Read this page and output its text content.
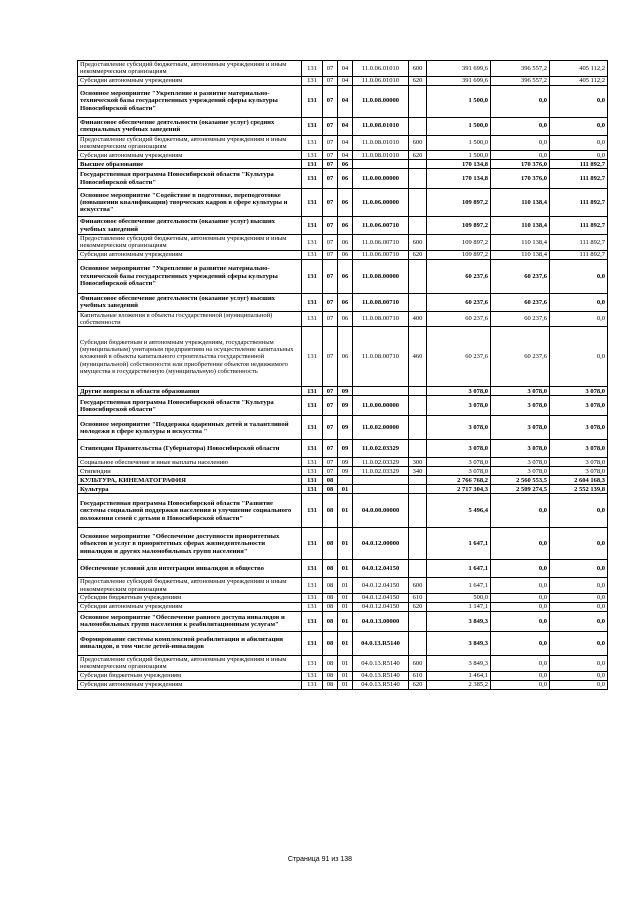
Предоставление субсидий бюджетным, автономным учреждениям и иным некоммерческим организациям	131	07	04	11.0.06.01010	600	391 699,6	396 557,2	405 112,2
Субсидии автономным учреждениям	131	07	04	11.0.06.01010	620	391 699,6	396 557,2	405 112,2
Основное мероприятие "Укрепление и развитие материально-технической базы государственных учреждений сферы культуры Новосибирской области"	131	07	04	11.0.08.00000		1 500,0	0,0	0,0
Финансовое обеспечение деятельности (оказание услуг) средних специальных учебных заведений	131	07	04	11.0.08.01010		1 500,0	0,0	0,0
Предоставление субсидий бюджетным, автономным учреждениям и иным некоммерческим организациям	131	07	04	11.0.08.01010	600	1 500,0	0,0	0,0
Субсидии автономным учреждениям	131	07	04	11.0.08.01010	620	1 500,0	0,0	0,0
Высшее образование	131	07	06			170 134,8	170 376,0	111 892,7
Государственная программа Новосибирской области "Культура Новосибирской области"	131	07	06	11.0.00.00000		170 134,8	170 376,0	111 892,7
Основное мероприятие "Содействие в подготовке, переподготовке (повышении квалификации) творческих кадров в сфере культуры и искусства"	131	07	06	11.0.06.00000		109 897,2	110 138,4	111 892,7
Финансовое обеспечение деятельности (оказание услуг) высших учебных заведений	131	07	06	11.0.06.00710		109 897,2	110 138,4	111 892,7
Предоставление субсидий бюджетным, автономным учреждениям и иным некоммерческим организациям	131	07	06	11.0.06.00710	600	109 897,2	110 138,4	111 892,7
Субсидии автономным учреждениям	131	07	06	11.0.06.00710	620	109 897,2	110 138,4	111 892,7
Основное мероприятие "Укрепление и развитие материально-технической базы государственных учреждений сферы культуры Новосибирской области"	131	07	06	11.0.08.00000		60 237,6	60 237,6	0,0
Финансовое обеспечение деятельности (оказание услуг) высших учебных заведений	131	07	06	11.0.08.00710		60 237,6	60 237,6	0,0
Капитальные вложения в объекты государственной (муниципальной) собственности	131	07	06	11.0.08.00710	400	60 237,6	60 237,6	0,0
Субсидии бюджетным и автономным учреждениям, государственным (муниципальным) унитарным предприятиям на осуществление капитальных вложений в объекты капитального строительства государственной (муниципальной) собственности или приобретение объектов недвижимого имущества в государственную (муниципальную) собственность	131	07	06	11.0.08.00710	460	60 237,6	60 237,6	0,0
Другие вопросы в области образования	131	07	09			3 078,0	3 078,0	3 078,0
Государственная программа Новосибирской области "Культура Новосибирской области"	131	07	09	11.0.00.00000		3 078,0	3 078,0	3 078,0
Основное мероприятие "Поддержка одаренных детей и талантливой молодежи в сфере культуры и искусства "	131	07	09	11.0.02.00000		3 078,0	3 078,0	3 078,0
Стипендия Правительства (Губернатора) Новосибирской области	131	07	09	11.0.02.03329		3 078,0	3 078,0	3 078,0
Социальное обеспечение и иные выплаты населению	131	07	09	11.0.02.03329	300	3 078,0	3 078,0	3 078,0
Стипендии	131	07	09	11.0.02.03329	340	3 078,0	3 078,0	3 078,0
КУЛЬТУРА, КИНЕМАТОГРАФИЯ	131	08				2 766 768,2	2 560 553,5	2 604 168,3
Культура	131	08	01			2 717 304,3	2 509 274,5	2 552 139,8
Государственная программа Новосибирской области "Развитие системы социальной поддержки населения и улучшение социального положения семей с детьми в Новосибирской области"	131	08	01	04.0.00.00000		5 496,4	0,0	0,0
Основное мероприятие "Обеспечение доступности приоритетных объектов и услуг в приоритетных сферах жизнедеятельности инвалидов и других маломобильных групп населения"	131	08	01	04.0.12.00000		1 647,1	0,0	0,0
Обеспечение условий для интеграции инвалидов в общество	131	08	01	04.0.12.04150		1 647,1	0,0	0,0
Предоставление субсидий бюджетным, автономным учреждениям и иным некоммерческим организациям	131	08	01	04.0.12.04150	600	1 647,1	0,0	0,0
Субсидии бюджетным учреждениям	131	08	01	04.0.12.04150	610	500,0	0,0	0,0
Субсидии автономным учреждениям	131	08	01	04.0.12.04150	620	1 147,1	0,0	0,0
Основное мероприятие "Обеспечение равного доступа инвалидов и маломобильных групп населения к реабилитационным услугам"	131	08	01	04.0.13.00000		3 849,3	0,0	0,0
Формирование системы комплексной реабилитации и абилитации инвалидов, в том числе детей-инвалидов	131	08	01	04.0.13.R5140		3 849,3	0,0	0,0
Предоставление субсидий бюджетным, автономным учреждениям и иным некоммерческим организациям	131	08	01	04.0.13.R5140	600	3 849,3	0,0	0,0
Субсидии бюджетным учреждениям	131	08	01	04.0.13.R5140	610	1 464,1	0,0	0,0
Субсидии автономным учреждениям	131	08	01	04.0.13.R5140	620	2 385,2	0,0	0,0
Страница 91 из 138
